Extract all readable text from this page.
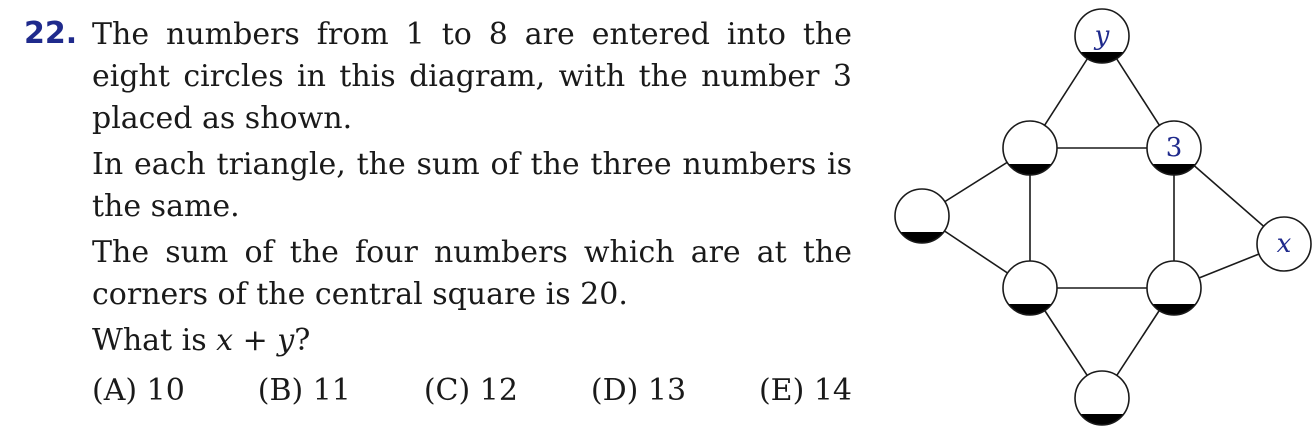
22. The numbers from 1 to 8 are entered into the eight circles in this diagram, with the number 3 placed as shown.

In each triangle, the sum of the three numbers is the same.

The sum of the four numbers which are at the corners of the central square is 20.

What is x + y?

(A) 10 (B) 11 (C) 12 (D) 13 (E) 14
y
3
x
